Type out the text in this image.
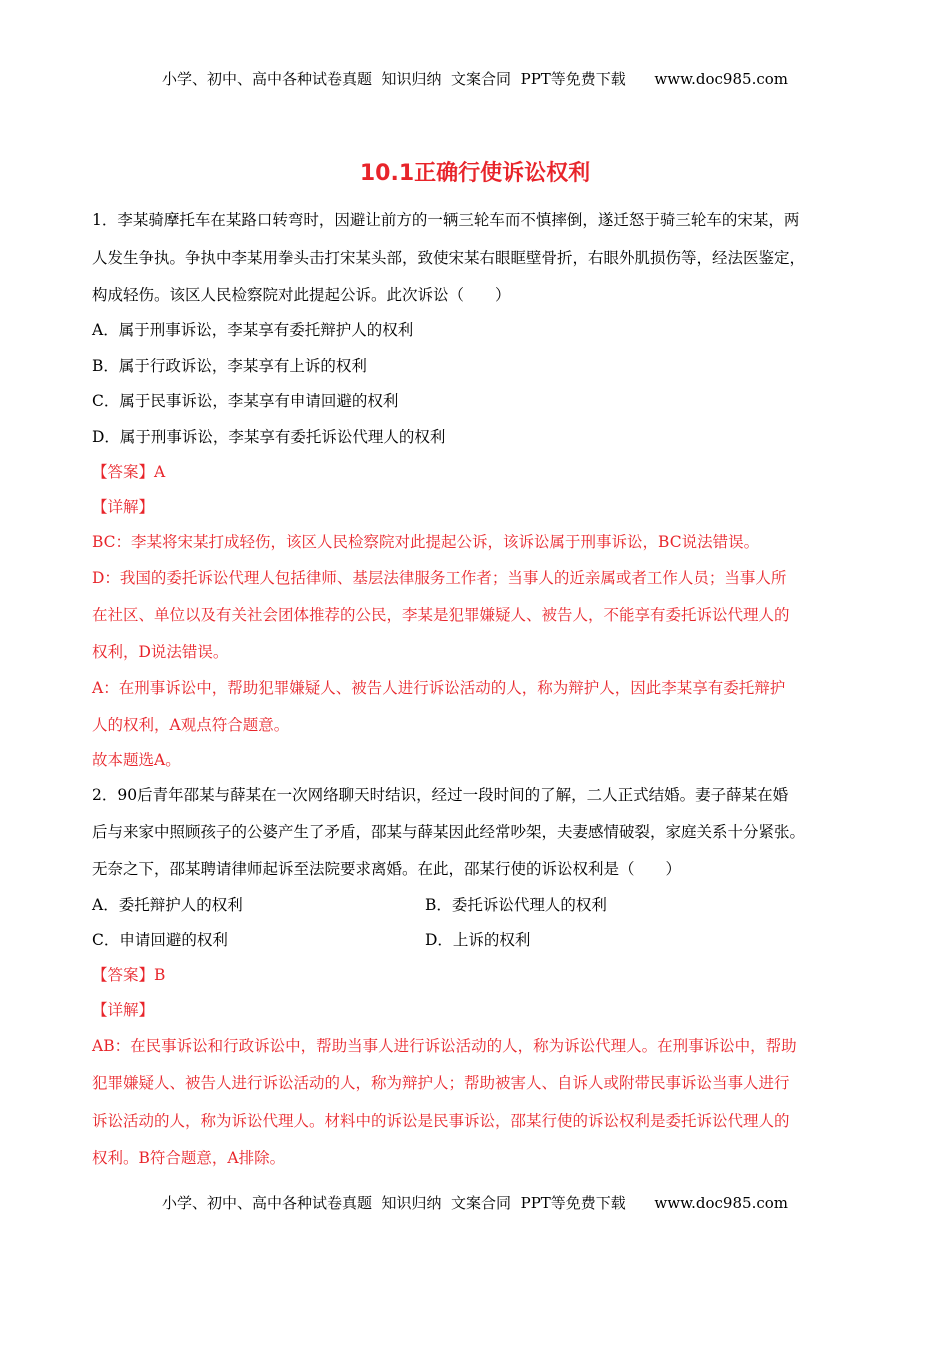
小学、初中、高中各种试卷真题  知识归纳  文案合同  PPT等免费下载      www.doc985.com
10.1正确行使诉讼权利
1．李某骑摩托车在某路口转弯时，因避让前方的一辆三轮车而不慎摔倒，遂迁怒于骑三轮车的宋某，两
人发生争执。争执中李某用拳头击打宋某头部，致使宋某右眼眶壁骨折，右眼外肌损伤等，经法医鉴定，
构成轻伤。该区人民检察院对此提起公诉。此次诉讼（　　）
A．属于刑事诉讼，李某享有委托辩护人的权利
B．属于行政诉讼，李某享有上诉的权利
C．属于民事诉讼，李某享有申请回避的权利
D．属于刑事诉讼，李某享有委托诉讼代理人的权利
【答案】A
【详解】
BC：李某将宋某打成轻伤，该区人民检察院对此提起公诉，该诉讼属于刑事诉讼，BC说法错误。
D：我国的委托诉讼代理人包括律师、基层法律服务工作者；当事人的近亲属或者工作人员；当事人所
在社区、单位以及有关社会团体推荐的公民，李某是犯罪嫌疑人、被告人，不能享有委托诉讼代理人的
权利，D说法错误。
A：在刑事诉讼中，帮助犯罪嫌疑人、被告人进行诉讼活动的人，称为辩护人，因此李某享有委托辩护
人的权利，A观点符合题意。
故本题选A。
2．90后青年邵某与薛某在一次网络聊天时结识，经过一段时间的了解，二人正式结婚。妻子薛某在婚
后与来家中照顾孩子的公婆产生了矛盾，邵某与薛某因此经常吵架，夫妻感情破裂，家庭关系十分紧张。
无奈之下，邵某聘请律师起诉至法院要求离婚。在此，邵某行使的诉讼权利是（　　）
A．委托辩护人的权利	B．委托诉讼代理人的权利
C．申请回避的权利	D．上诉的权利
【答案】B
【详解】
AB：在民事诉讼和行政诉讼中，帮助当事人进行诉讼活动的人，称为诉讼代理人。在刑事诉讼中，帮助
犯罪嫌疑人、被告人进行诉讼活动的人，称为辩护人；帮助被害人、自诉人或附带民事诉讼当事人进行
诉讼活动的人，称为诉讼代理人。材料中的诉讼是民事诉讼，邵某行使的诉讼权利是委托诉讼代理人的
权利。B符合题意，A排除。
小学、初中、高中各种试卷真题  知识归纳  文案合同  PPT等免费下载      www.doc985.com
